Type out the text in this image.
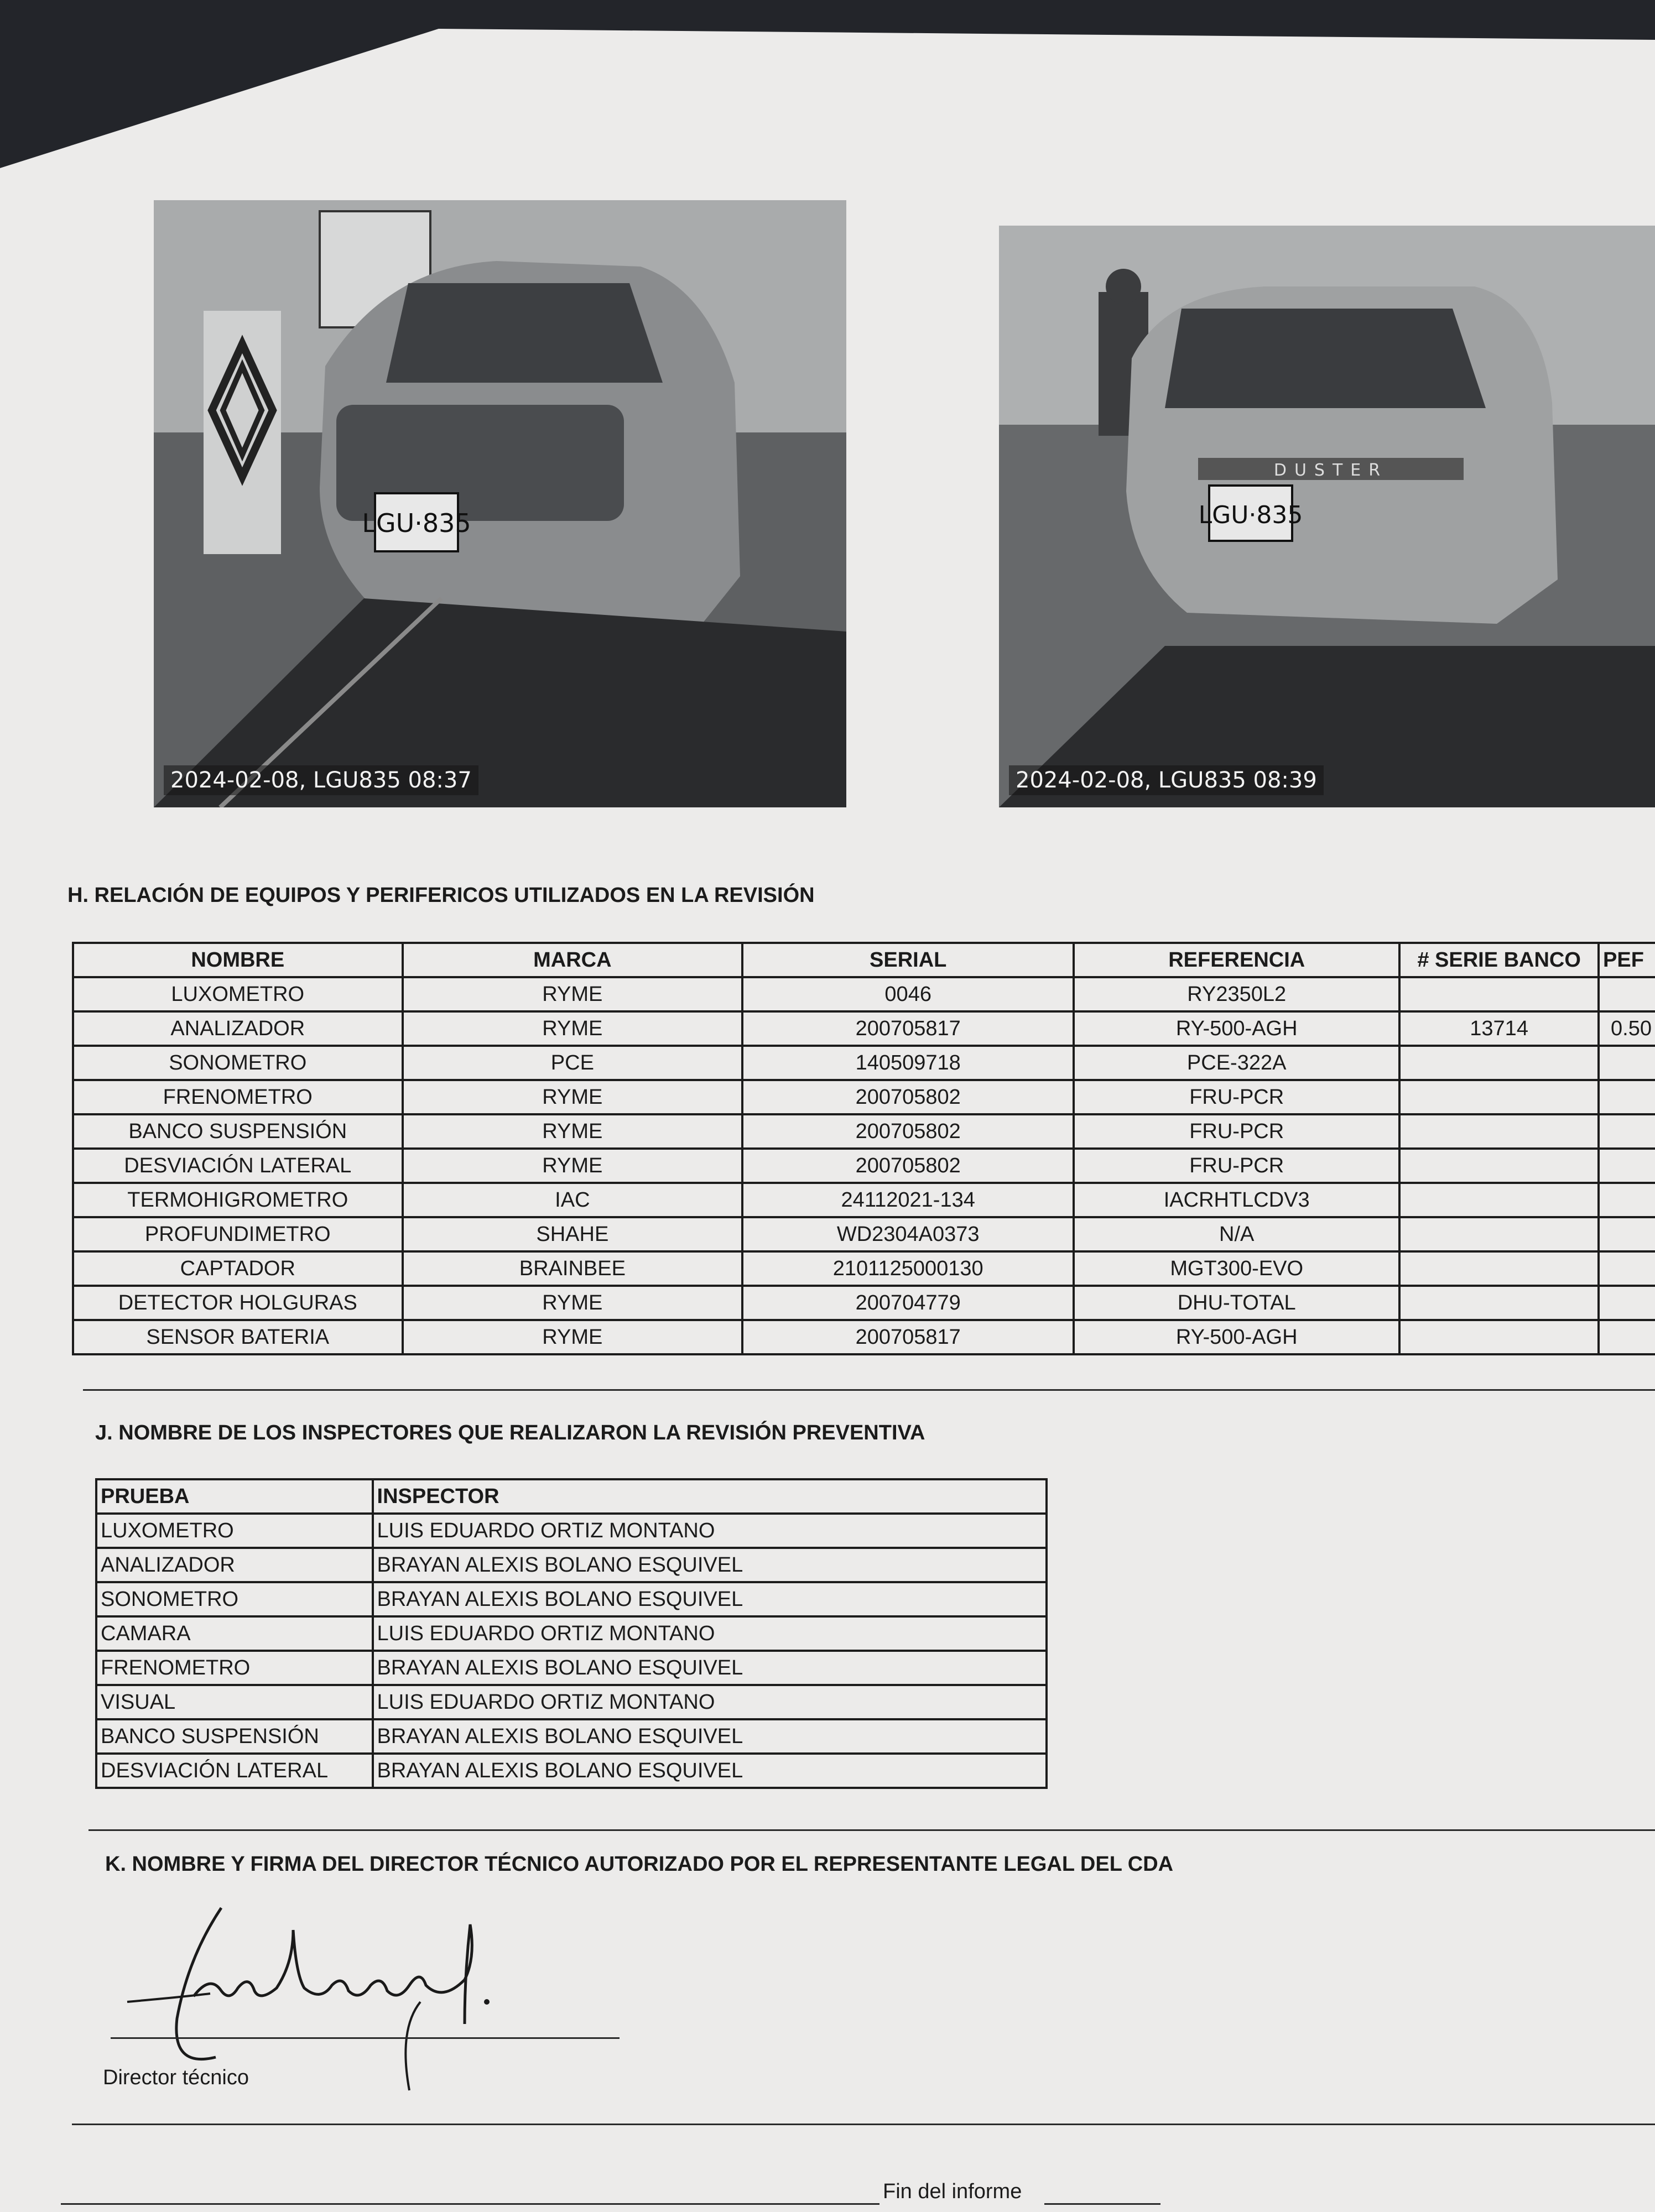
LGU·835
2024-02-08, LGU835 08:37
DUSTER
LGU·835
2024-02-08, LGU835 08:39
H. RELACIÓN DE EQUIPOS Y PERIFERICOS UTILIZADOS EN LA REVISIÓN
NOMBRE	MARCA	SERIAL	REFERENCIA	# SERIE BANCO	PEF
LUXOMETRO	RYME	0046	RY2350L2		
ANALIZADOR	RYME	200705817	RY-500-AGH	13714	0.50
SONOMETRO	PCE	140509718	PCE-322A		
FRENOMETRO	RYME	200705802	FRU-PCR		
BANCO SUSPENSIÓN	RYME	200705802	FRU-PCR		
DESVIACIÓN LATERAL	RYME	200705802	FRU-PCR		
TERMOHIGROMETRO	IAC	24112021-134	IACRHTLCDV3		
PROFUNDIMETRO	SHAHE	WD2304A0373	N/A		
CAPTADOR	BRAINBEE	2101125000130	MGT300-EVO		
DETECTOR HOLGURAS	RYME	200704779	DHU-TOTAL		
SENSOR BATERIA	RYME	200705817	RY-500-AGH		
J. NOMBRE DE LOS INSPECTORES QUE REALIZARON LA REVISIÓN PREVENTIVA
PRUEBA	INSPECTOR
LUXOMETRO	LUIS EDUARDO ORTIZ MONTANO
ANALIZADOR	BRAYAN ALEXIS BOLANO ESQUIVEL
SONOMETRO	BRAYAN ALEXIS BOLANO ESQUIVEL
CAMARA	LUIS EDUARDO ORTIZ MONTANO
FRENOMETRO	BRAYAN ALEXIS BOLANO ESQUIVEL
VISUAL	LUIS EDUARDO ORTIZ MONTANO
BANCO SUSPENSIÓN	BRAYAN ALEXIS BOLANO ESQUIVEL
DESVIACIÓN LATERAL	BRAYAN ALEXIS BOLANO ESQUIVEL
K. NOMBRE Y FIRMA DEL DIRECTOR TÉCNICO AUTORIZADO POR EL REPRESENTANTE LEGAL DEL CDA
Director técnico
Fin del informe
